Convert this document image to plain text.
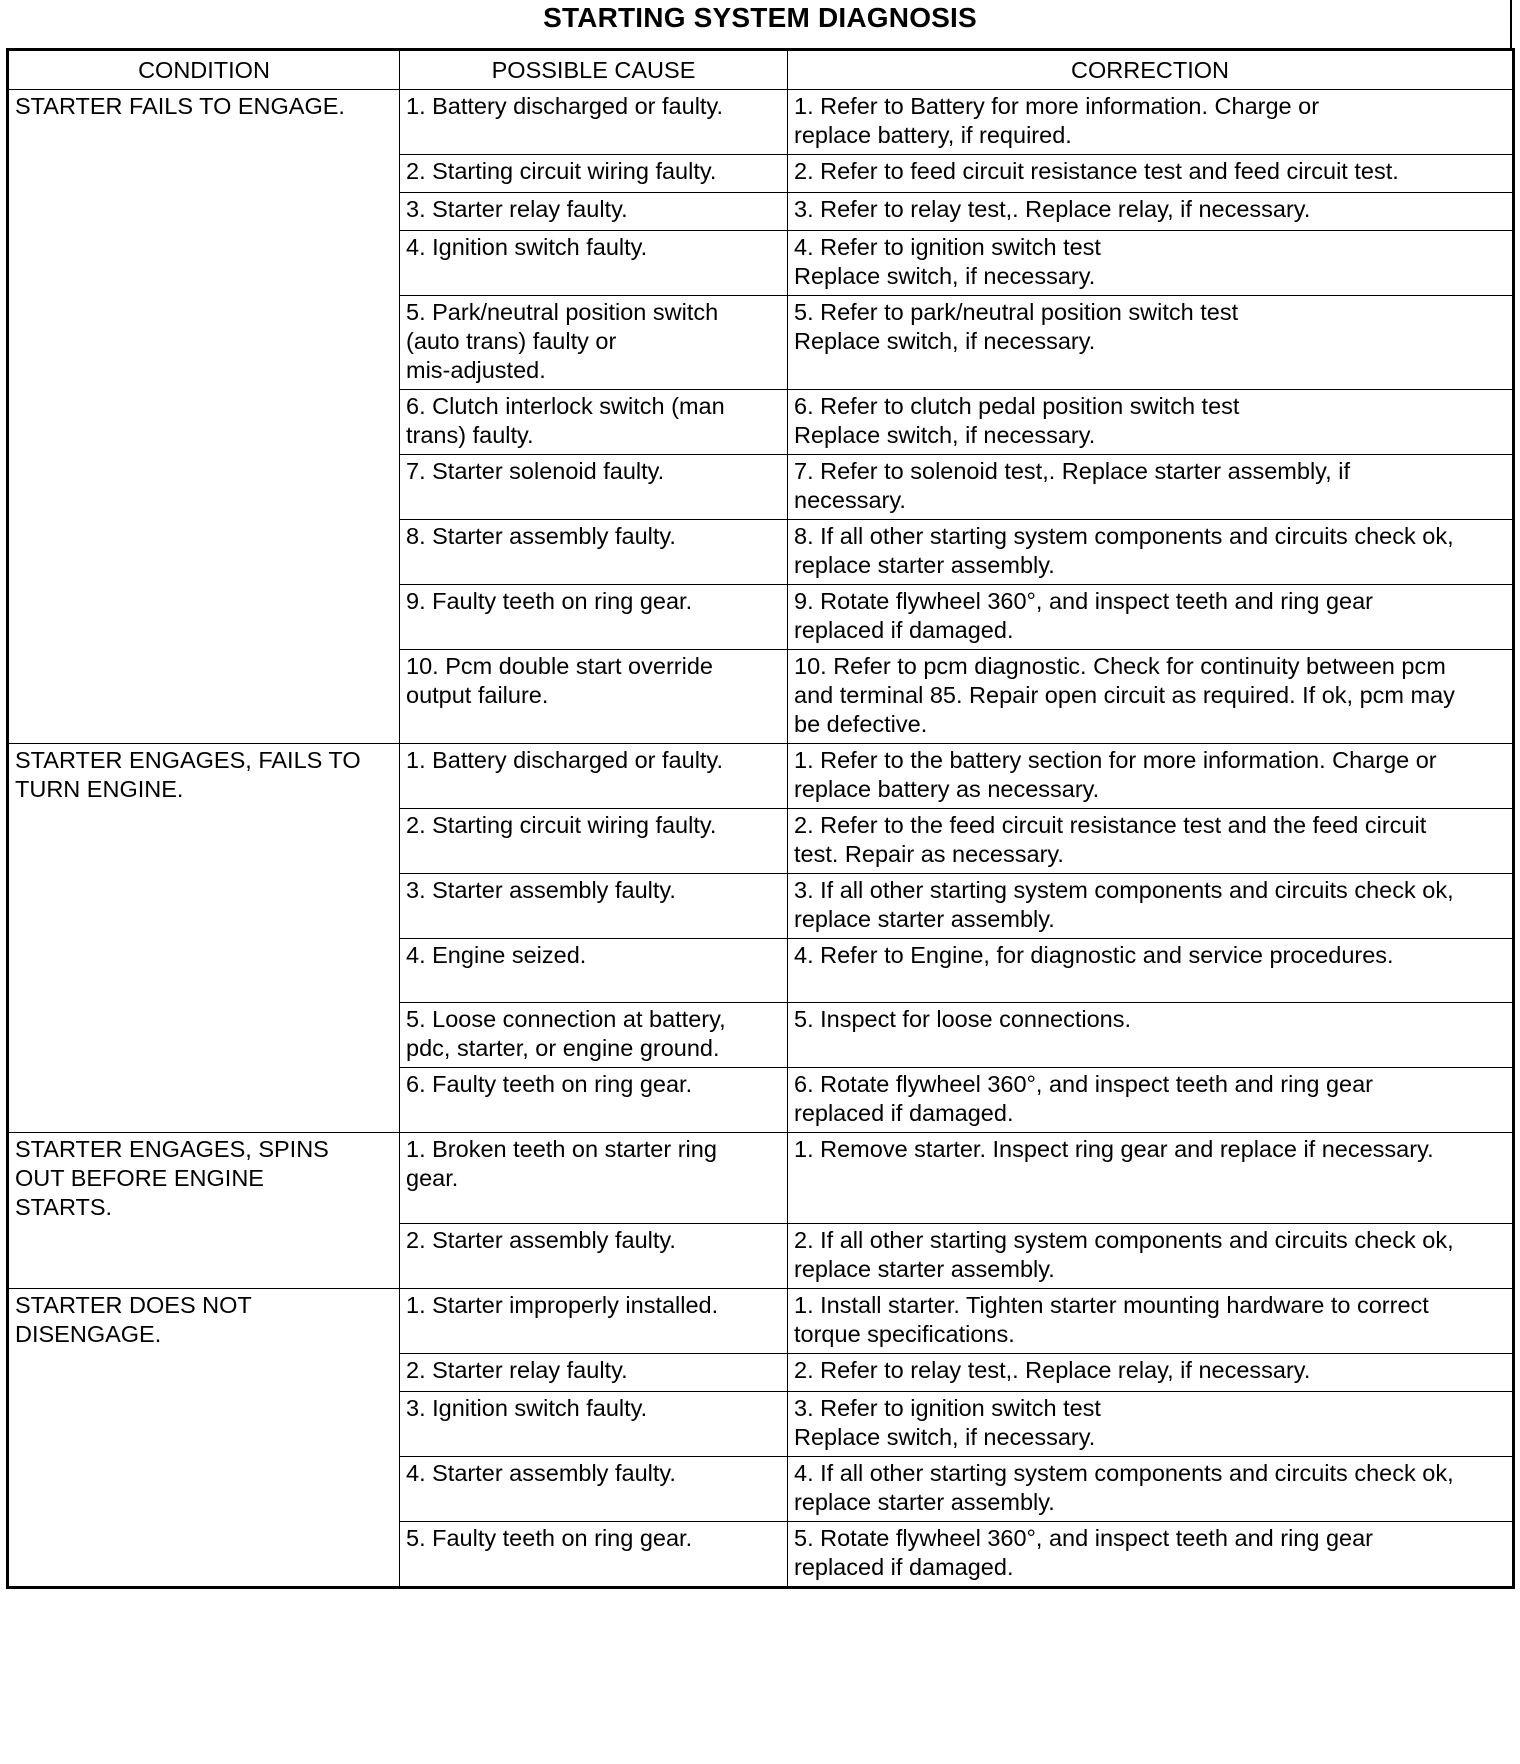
STARTING SYSTEM DIAGNOSIS
CONDITION	POSSIBLE CAUSE	CORRECTION
STARTER FAILS TO ENGAGE.	1. Battery discharged or faulty.	1. Refer to Battery for more information. Charge or
replace battery, if required.
	2. Starting circuit wiring faulty.	2. Refer to feed circuit resistance test and feed circuit test.
	3. Starter relay faulty.	3. Refer to relay test,. Replace relay, if necessary.
	4. Ignition switch faulty.	4. Refer to ignition switch test
Replace switch, if necessary.
	5. Park/neutral position switch
(auto trans) faulty or
mis-adjusted.	5. Refer to park/neutral position switch test
Replace switch, if necessary.
	6. Clutch interlock switch (man
trans) faulty.	6. Refer to clutch pedal position switch test
Replace switch, if necessary.
	7. Starter solenoid faulty.	7. Refer to solenoid test,. Replace starter assembly, if
necessary.
	8. Starter assembly faulty.	8. If all other starting system components and circuits check ok,
replace starter assembly.
	9. Faulty teeth on ring gear.	9. Rotate flywheel 360°, and inspect teeth and ring gear
replaced if damaged.
	10. Pcm double start override
output failure.	10. Refer to pcm diagnostic. Check for continuity between pcm
and terminal 85. Repair open circuit as required. If ok, pcm may
be defective.
STARTER ENGAGES, FAILS TO
TURN ENGINE.	1. Battery discharged or faulty.	1. Refer to the battery section for more information. Charge or
replace battery as necessary.
	2. Starting circuit wiring faulty.	2. Refer to the feed circuit resistance test and the feed circuit
test. Repair as necessary.
	3. Starter assembly faulty.	3. If all other starting system components and circuits check ok,
replace starter assembly.
	4. Engine seized.	4. Refer to Engine, for diagnostic and service procedures.
	5. Loose connection at battery,
pdc, starter, or engine ground.	5. Inspect for loose connections.
	6. Faulty teeth on ring gear.	6. Rotate flywheel 360°, and inspect teeth and ring gear
replaced if damaged.
STARTER ENGAGES, SPINS
OUT BEFORE ENGINE
STARTS.	1. Broken teeth on starter ring
gear.	1. Remove starter. Inspect ring gear and replace if necessary.
	2. Starter assembly faulty.	2. If all other starting system components and circuits check ok,
replace starter assembly.
STARTER DOES NOT
DISENGAGE.	1. Starter improperly installed.	1. Install starter. Tighten starter mounting hardware to correct
torque specifications.
	2. Starter relay faulty.	2. Refer to relay test,. Replace relay, if necessary.
	3. Ignition switch faulty.	3. Refer to ignition switch test
Replace switch, if necessary.
	4. Starter assembly faulty.	4. If all other starting system components and circuits check ok,
replace starter assembly.
	5. Faulty teeth on ring gear.	5. Rotate flywheel 360°, and inspect teeth and ring gear
replaced if damaged.
